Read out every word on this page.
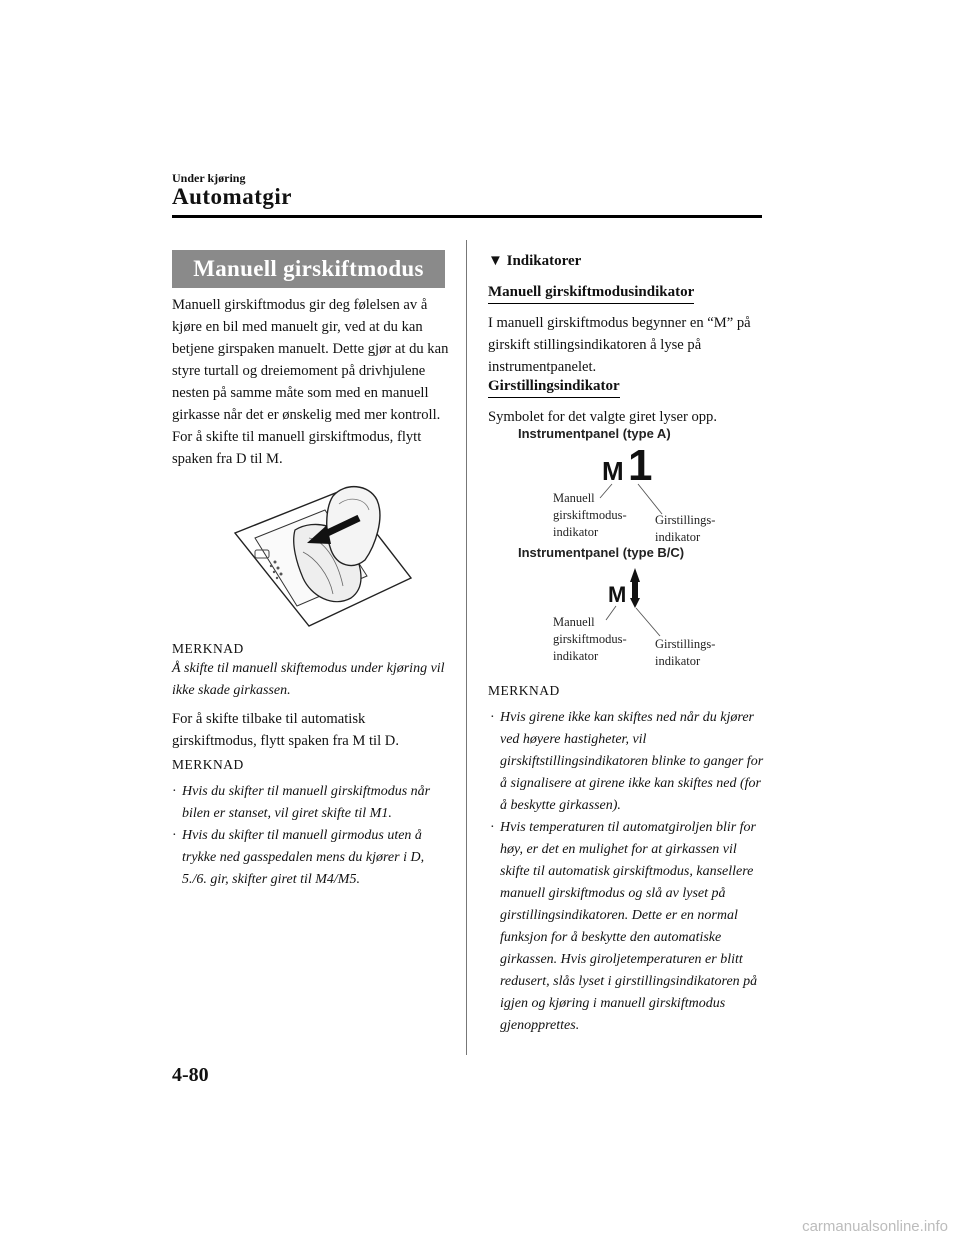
Under kjøring
Automatgir
Manuell girskiftmodus

Manuell girskiftmodus gir deg følelsen av å kjøre en bil med manuelt gir, ved at du kan betjene girspaken manuelt. Dette gjør at du kan styre turtall og dreiemoment på drivhjulene nesten på samme måte som med en manuell girkasse når det er ønskelig med mer kontroll.

For å skifte til manuell girskiftmodus, flytt spaken fra D til M.

MERKNAD

Å skifte til manuell skiftemodus under kjøring vil ikke skade girkassen.

For å skifte tilbake til automatisk girskiftmodus, flytt spaken fra M til D.

MERKNAD
· Hvis du skifter til manuell girskiftmodus når bilen er stanset, vil giret skifte til M1.
· Hvis du skifter til manuell girmodus uten å trykke ned gasspedalen mens du kjører i D, 5./6. gir, skifter giret til M4/M5.
▼ Indikatorer
Manuell girskiftmodusindikator

I manuell girskiftmodus begynner en “M” på girskift stillingsindikatoren å lyse på instrumentpanelet.

Girstillingsindikator

Symbolet for det valgte giret lyser opp.

Instrumentpanel (type A)
M 1
Manuell
girskiftmodus-
indikator
Girstillings-
indikator
Instrumentpanel (type B/C)
M
Manuell
girskiftmodus-
indikator
Girstillings-
indikator
MERKNAD
· Hvis girene ikke kan skiftes ned når du kjører ved høyere hastigheter, vil girskiftstillingsindikatoren blinke to ganger for å signalisere at girene ikke kan skiftes ned (for å beskytte girkassen).
· Hvis temperaturen til automatgiroljen blir for høy, er det en mulighet for at girkassen vil skifte til automatisk girskiftmodus, kansellere manuell girskiftmodus og slå av lyset på girstillingsindikatoren. Dette er en normal funksjon for å beskytte den automatiske girkassen. Hvis giroljetemperaturen er blitt redusert, slås lyset i girstillingsindikatoren på igjen og kjøring i manuell girskiftmodus gjenopprettes.
4-80
carmanualsonline.info
